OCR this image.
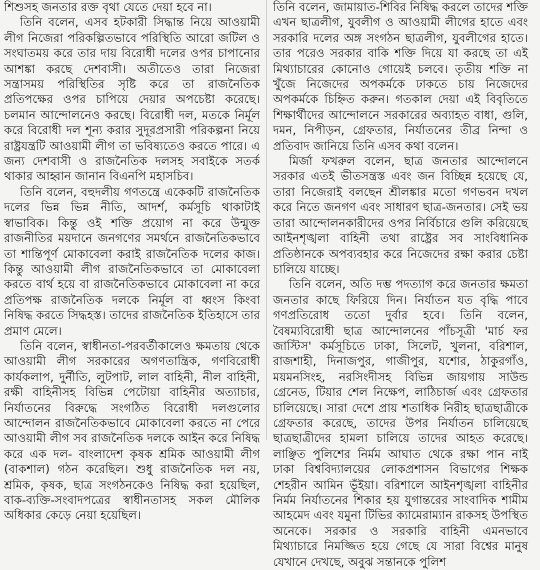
শিশুসহ জনতার রক্ত বৃথা যেতে দেয়া হবে না।

তিনি বলেন, এসব হটকারী সিদ্ধান্ত নিয়ে আওয়ামী লীগ নিজেরা পরিকল্পিতভাবে পরিস্থিতি আরো জটিল ও সংঘাতময় করে তার দায় বিরোধী দলের ওপর চাপানোর আশঙ্কা করছে দেশবাসী। অতীতেও তারা নিজেরা সন্ত্রাসময় পরিস্থিতির সৃষ্টি করে তা রাজনৈতিক প্রতিপক্ষের ওপর চাপিয়ে দেয়ার অপচেষ্টা করেছে। চলমান আন্দোলনেও করছে। বিরোধী দল, মতকে নির্মূল করে বিরোধী দল শূন্য করার সুদূরপ্রসারী পরিকল্পনা নিয়ে রাষ্ট্রযন্ত্রটি আওয়ামী লীগ তা ভবিষ্যতেও করতে পারে। এ জন্য দেশবাসী ও রাজনৈতিক দলসহ সবাইকে সতর্ক থাকার আহ্বান জানান বিএনপি মহাসচিব।

তিনি বলেন, বহুদলীয় গণতন্ত্রে একেকটি রাজনৈতিক দলের ভিন্ন ভিন্ন নীতি, আদর্শ, কর্মসূচি থাকাটাই স্বাভাবিক। কিন্তু ওই শক্তি প্রয়োগ না করে উন্মুক্ত রাজনীতির ময়দানে জনগণের সমর্থনে রাজনৈতিকভাবে তা শান্তিপূর্ণ মোকাবেলা করাই রাজনৈতিক দলের কাজ। কিন্তু আওয়ামী লীগ রাজনৈতিকভাবে তা মোকাবেলা করতে বার্থ হয়ে বা রাজনৈতিকভাবে মোকাবেলা না করে প্রতিপক্ষ রাজনৈতিক দলকে নির্মূল বা ধ্বংস কিংবা নিষিদ্ধ করতে সিদ্ধহস্ত। তাদের রাজনৈতিক ইতিহাসে তার প্রমাণ মেলে।

তিনি বলেন, স্বাধীনতা-পরবর্তীকালেও ক্ষমতায় থেকে আওয়ামী লীগ সরকারের অগণতান্ত্রিক, গণবিরোধী কার্যকলাপ, দুর্নীতি, লুটপাট, লাল বাহিনী, নীল বাহিনী, রক্ষী বাহিনীসহ বিভিন্ন পেটোয়া বাহিনীর অত্যাচার, নির্যাতনের বিরুদ্ধে সংগঠিত বিরোধী দলগুলোর আন্দোলন রাজনৈতিকভাবে মোকাবেলা করতে না পেরে আওয়ামী লীগ সব রাজনৈতিক দলকে আইন করে নিষিদ্ধ করে এক দল- বাংলাদেশ কৃষক শ্রমিক আওয়ামী লীগ (বাকশাল) গঠন করেছিল। শুধু রাজনৈতিক দল নয়, শ্রমিক, কৃষক, ছাত্র সংগঠনকেও নিষিদ্ধ করা হয়েছিল, বাক-ব্যক্তি-সংবাদপত্রের স্বাধীনতাসহ সকল মৌলিক অধিকার কেড়ে নেয়া হয়েছিল।

তিনি বলেন, জামায়াত-শিবির নিষিদ্ধ করলে তাদের শক্তি এখন ছাত্রলীগ, যুবলীগ ও আওয়ামী লীগের হাতে এবং সরকারি দলের অঙ্গ সংগঠন ছাত্রলীগ, যুবলীগের হাতে। তার পরেও সরকার বাকি শক্তি দিয়ে যা করছে তা এই মিথ্যাচারের কোনোও গোয়েই চলবে। তৃতীয় শক্তি না খুঁজে নিজেদের অপকর্মকে ঢাকতে চায় নিজেদের অপকর্মকে চিহ্নিত করুন। গতকাল দেয়া এই বিবৃতিতে শিক্ষার্থীদের আন্দোলনে সরকারের অব্যাহত বাধা, গুলি, দমন, নিপীড়ন, গ্রেফতার, নির্যাতনের তীব্র নিন্দা ও প্রতিবাদ জানিয়ে তিনি এসব কথা বলেন।

মির্জা ফখরুল বলেন, ছাত্র জনতার আন্দোলনে সরকার এতই ভীতসন্ত্রস্ত এবং জন বিচ্ছিন্ন হয়েছে যে, তারা নিজেরাই বলছেন শ্রীলঙ্কার মতো গণভবন দখল করে নিতে জনগণ এবং সাধারণ ছাত্র-জনতার। সেই ভয় তারা আন্দোলনকারীদের ওপর নির্বিচারে গুলি করিয়েছে আইনশৃঙ্খলা বাহিনী তথা রাষ্ট্রের সব সাংবিধানিক প্রতিষ্ঠানকে অপব্যবহার করে নিজেদের রক্ষা করার চেষ্টা চালিয়ে যাচ্ছে।

তিনি বলেন, অতি দম্ভ পদত্যাগ করে জনতার ক্ষমতা জনতার কাছে ফিরিয়ে দিন। নির্যাতন যত বৃদ্ধি পাবে গণপ্রতিরোধ ততো দুর্বার হবে। তিনি বলেন, বৈষম্যবিরোধী ছাত্র আন্দোলনের পাঁচসূত্রী 'মার্চ ফর জাস্টিস' কর্মসূচিতে ঢাকা, সিলেট, খুলনা, বরিশাল, রাজশাহী, দিনাজপুর, গাজীপুর, যশোর, ঠাকুরগাঁও, ময়মনসিংহ, নরসিংদীসহ বিভিন্ন জায়গায় সাউন্ড গ্রেনেড, টিয়ার শেল নিক্ষেপ, লাঠিচার্জ এবং গ্রেফতার চালিয়েছে। সারা দেশে প্রায় শতাধিক নিরীহ ছাত্রছাত্রীকে গ্রেফতার করেছে, তাদের উপর নির্যাতন চালিয়েছে ছাত্রছাত্রীদের হামলা চালিয়ে তাদের আহত করেছে। লাঞ্ছিত পুলিশের নির্মম আঘাত থেকে রক্ষা পান নাই ঢাকা বিশ্ববিদ্যালয়ের লোকপ্রশাসন বিভাগের শিক্ষক শেহরীন আমিন ভূঁইয়া। বরিশালে আইনশৃঙ্খলা বাহিনীর নির্মম নির্যাতনের শিকার হয় যুগান্তরের সাংবাদিক শামীম আহমেদ এবং যমুনা টিভির ক্যামেরাম্যান রাকসহ উপস্থিত অনেকে। সরকার ও সরকারি বাহিনী এমনভাবে মিথ্যাচারে নিমজ্জিত হয়ে গেছে যে সারা বিশ্বের মানুষ যেখানে দেখছে, অবুঝ সন্তানকে পুলিশ
